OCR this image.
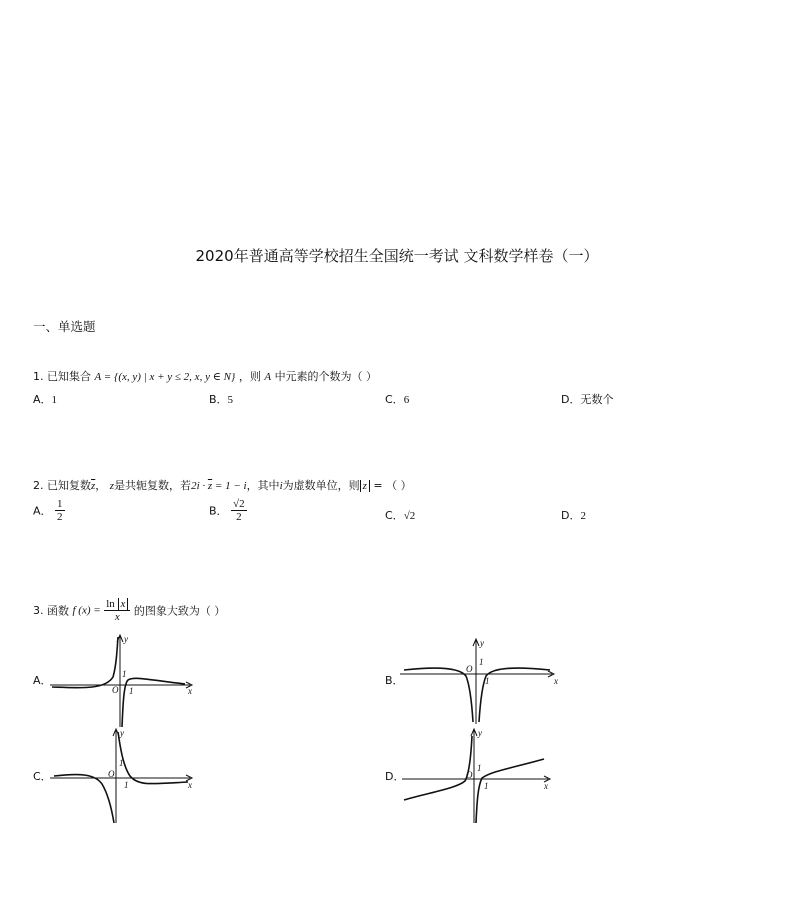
2020年普通高等学校招生全国统一考试 文科数学样卷（一）
一、单选题
1. 已知集合 A = {(x, y) | x + y ≤ 2, x, y ∈ N} ，则 A 中元素的个数为（ ）
A．1	B．5	C．6	D．无数个
2. 已知复数$\overline{z}$， z是共轭复数，若$2i \cdot \overline{z} = 1 - i$，其中i为虚数单位，则 z = （ ）
A． $\frac{1}{2}$	B． $\frac{√2}{2}$	C．√2	D．2
3. 函数 f $(x) = \frac{\text{ln x}}{x}$ 的图象大致为（ ）
A．	B．
C．	D．
y
x
O 1
1
y
x
O
1
1
y
x
O
1
1
y
x
O
1
1
